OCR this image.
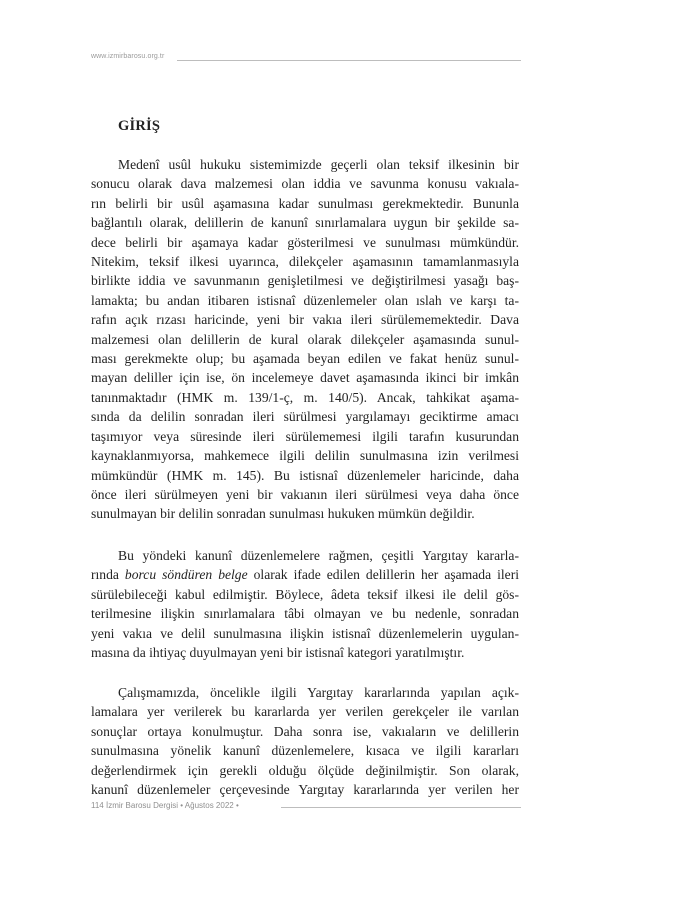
www.izmirbarosu.org.tr
GİRİŞ

Medenî usûl hukuku sistemimizde geçerli olan teksif ilkesinin bir
sonucu olarak dava malzemesi olan iddia ve savunma konusu vakıala-
rın belirli bir usûl aşamasına kadar sunulması gerekmektedir. Bununla
bağlantılı olarak, delillerin de kanunî sınırlamalara uygun bir şekilde sa-
dece belirli bir aşamaya kadar gösterilmesi ve sunulması mümkündür.
Nitekim, teksif ilkesi uyarınca, dilekçeler aşamasının tamamlanmasıyla
birlikte iddia ve savunmanın genişletilmesi ve değiştirilmesi yasağı baş-
lamakta; bu andan itibaren istisnaî düzenlemeler olan ıslah ve karşı ta-
rafın açık rızası haricinde, yeni bir vakıa ileri sürülememektedir. Dava
malzemesi olan delillerin de kural olarak dilekçeler aşamasında sunul-
ması gerekmekte olup; bu aşamada beyan edilen ve fakat henüz sunul-
mayan deliller için ise, ön incelemeye davet aşamasında ikinci bir imkân
tanınmaktadır (HMK m. 139/1-ç, m. 140/5). Ancak, tahkikat aşama-
sında da delilin sonradan ileri sürülmesi yargılamayı geciktirme amacı
taşımıyor veya süresinde ileri sürülememesi ilgili tarafın kusurundan
kaynaklanmıyorsa, mahkemece ilgili delilin sunulmasına izin verilmesi
mümkündür (HMK m. 145). Bu istisnaî düzenlemeler haricinde, daha
önce ileri sürülmeyen yeni bir vakıanın ileri sürülmesi veya daha önce
sunulmayan bir delilin sonradan sunulması hukuken mümkün değildir.

Bu yöndeki kanunî düzenlemelere rağmen, çeşitli Yargıtay kararla-
rında borcu söndüren belge olarak ifade edilen delillerin her aşamada ileri
sürülebileceği kabul edilmiştir. Böylece, âdeta teksif ilkesi ile delil gös-
terilmesine ilişkin sınırlamalara tâbi olmayan ve bu nedenle, sonradan
yeni vakıa ve delil sunulmasına ilişkin istisnaî düzenlemelerin uygulan-
masına da ihtiyaç duyulmayan yeni bir istisnaî kategori yaratılmıştır.

Çalışmamızda, öncelikle ilgili Yargıtay kararlarında yapılan açık-
lamalara yer verilerek bu kararlarda yer verilen gerekçeler ile varılan
sonuçlar ortaya konulmuştur. Daha sonra ise, vakıaların ve delillerin
sunulmasına yönelik kanunî düzenlemelere, kısaca ve ilgili kararları
değerlendirmek için gerekli olduğu ölçüde değinilmiştir. Son olarak,
kanunî düzenlemeler çerçevesinde Yargıtay kararlarında yer verilen her

114 İzmir Barosu Dergisi • Ağustos 2022 •
